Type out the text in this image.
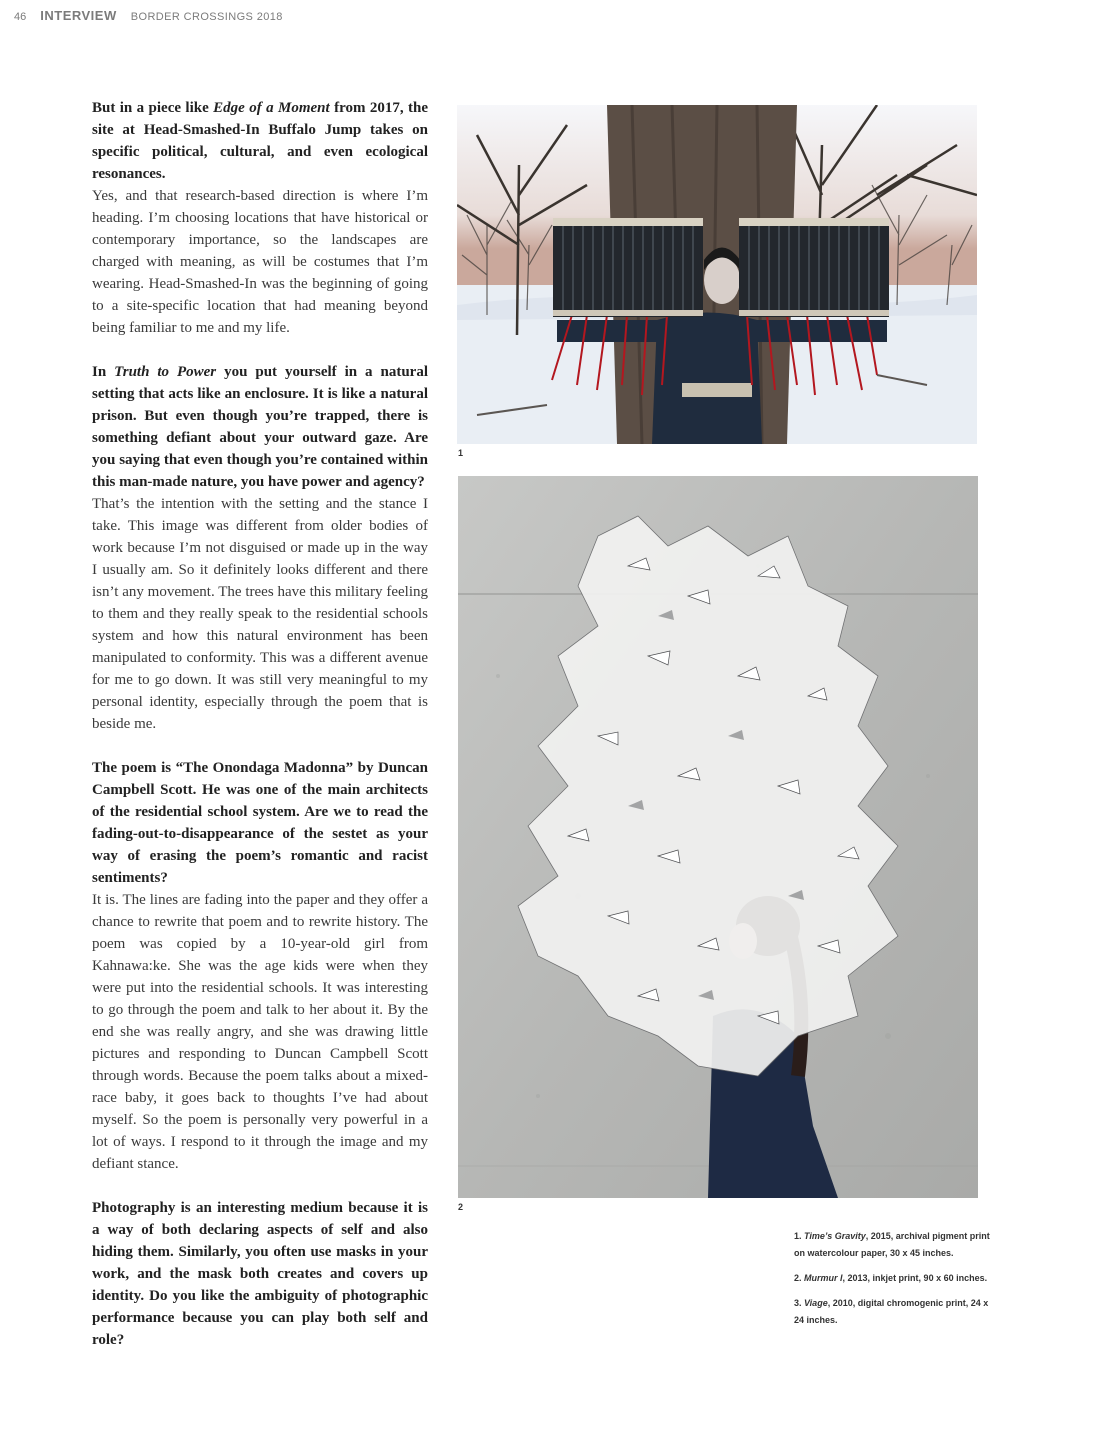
46 INTERVIEW BORDER CROSSINGS 2018

But in a piece like Edge of a Moment from 2017, the site at Head-Smashed-In Buffalo Jump takes on specific political, cultural, and even ecological resonances.

Yes, and that research-based direction is where I’m heading. I’m choosing locations that have historical or contemporary importance, so the landscapes are charged with meaning, as will be costumes that I’m wearing. Head-Smashed-In was the beginning of going to a site-specific location that had meaning beyond being familiar to me and my life.

In Truth to Power you put yourself in a natural setting that acts like an enclosure. It is like a natural prison. But even though you’re trapped, there is something defiant about your outward gaze. Are you saying that even though you’re contained within this man-made nature, you have power and agency?

That’s the intention with the setting and the stance I take. This image was different from older bodies of work because I’m not disguised or made up in the way I usually am. So it definitely looks different and there isn’t any movement. The trees have this military feeling to them and they really speak to the residential schools system and how this natural environment has been manipulated to conformity. This was a different avenue for me to go down. It was still very meaningful to my personal identity, especially through the poem that is beside me.

The poem is “The Onondaga Madonna” by Duncan Campbell Scott. He was one of the main architects of the residential school system. Are we to read the fading-out-to-disappearance of the sestet as your way of erasing the poem’s romantic and racist sentiments?

It is. The lines are fading into the paper and they offer a chance to rewrite that poem and to rewrite history. The poem was copied by a 10-year-old girl from Kahnawa:ke. She was the age kids were when they were put into the residential schools. It was interesting to go through the poem and talk to her about it. By the end she was really angry, and she was drawing little pictures and responding to Duncan Campbell Scott through words. Because the poem talks about a mixed-race baby, it goes back to thoughts I’ve had about myself. So the poem is personally very powerful in a lot of ways. I respond to it through the image and my defiant stance.

Photography is an interesting medium because it is a way of both declaring aspects of self and also hiding them. Similarly, you often use masks in your work, and the mask both creates and covers up identity. Do you like the ambiguity of photographic performance because you can play both self and role?

1
2
1. Time’s Gravity, 2015, archival pigment print on watercolour paper, 30 x 45 inches.
2. Murmur I, 2013, inkjet print, 90 x 60 inches.
3. Viage, 2010, digital chromogenic print, 24 x 24 inches.
